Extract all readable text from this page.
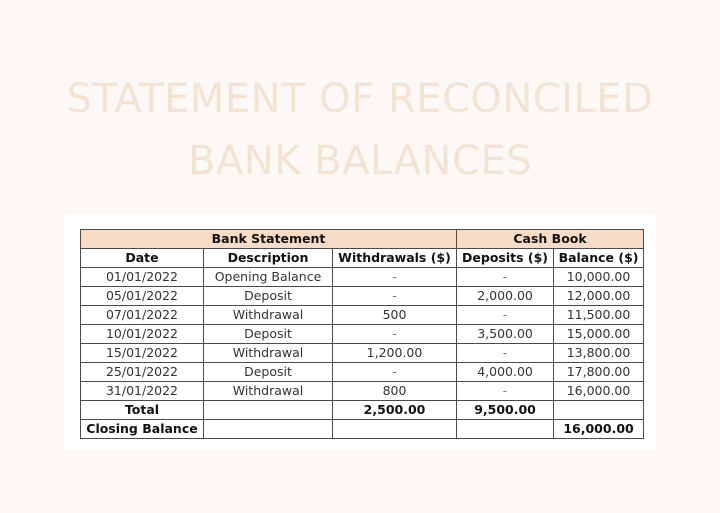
STATEMENT OF RECONCILED
BANK BALANCES
Bank Statement			Cash Book	
Date	Description	Withdrawals ($)	Deposits ($)	Balance ($)
01/01/2022	Opening Balance	-	-	10,000.00
05/01/2022	Deposit	-	2,000.00	12,000.00
07/01/2022	Withdrawal	500	-	11,500.00
10/01/2022	Deposit	-	3,500.00	15,000.00
15/01/2022	Withdrawal	1,200.00	-	13,800.00
25/01/2022	Deposit	-	4,000.00	17,800.00
31/01/2022	Withdrawal	800	-	16,000.00
Total		2,500.00	9,500.00	
Closing Balance				16,000.00
